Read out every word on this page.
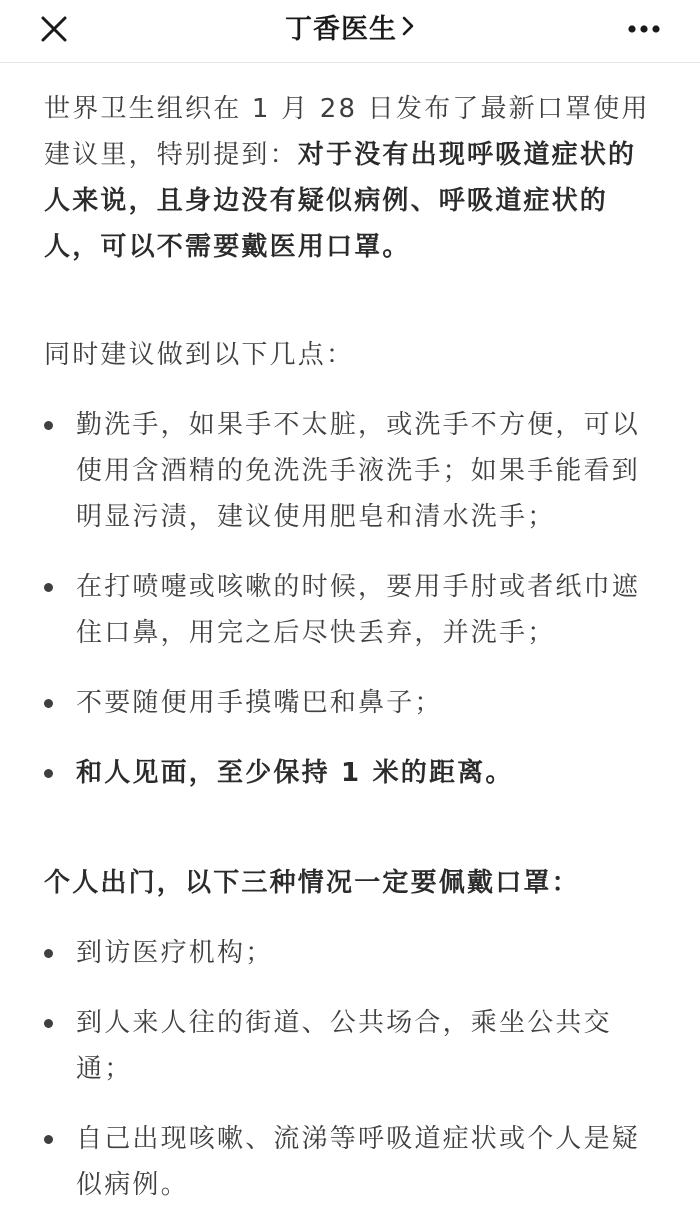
丁香医生

世界卫生组织在 1 月 28 日发布了最新口罩使用建议里，特别提到：对于没有出现呼吸道症状的人来说，且身边没有疑似病例、呼吸道症状的人，可以不需要戴医用口罩。

同时建议做到以下几点：

勤洗手，如果手不太脏，或洗手不方便，可以使用含酒精的免洗洗手液洗手；如果手能看到明显污渍，建议使用肥皂和清水洗手；
在打喷嚏或咳嗽的时候，要用手肘或者纸巾遮住口鼻，用完之后尽快丢弃，并洗手；
不要随便用手摸嘴巴和鼻子；
和人见面，至少保持 1 米的距离。

个人出门，以下三种情况一定要佩戴口罩：

到访医疗机构；
到人来人往的街道、公共场合，乘坐公共交通；
自己出现咳嗽、流涕等呼吸道症状或个人是疑似病例。
